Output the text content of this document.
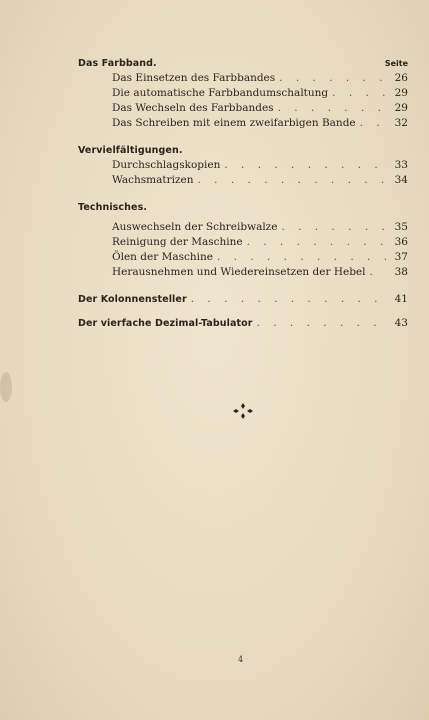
Das Farbband.	Seite
Das Einsetzen des Farbbandes . . .	26
Die automatische Farbbandumschaltung . . .	29
Das Wechseln des Farbbandes . . .	29
Das Schreiben mit einem zweifarbigen Bande . . .	32
Vervielfältigungen.
Durchschlagskopien . . .	33
Wachsmatrizen . . .	34
Technisches.
Auswechseln der Schreibwalze . . .	35
Reinigung der Maschine . . .	36
Ölen der Maschine . . .	37
Herausnehmen und Wiedereinsetzen der Hebel . . .	38
Der Kolonnensteller . . .	41
Der vierfache Dezimal-Tabulator . . .	43
4
